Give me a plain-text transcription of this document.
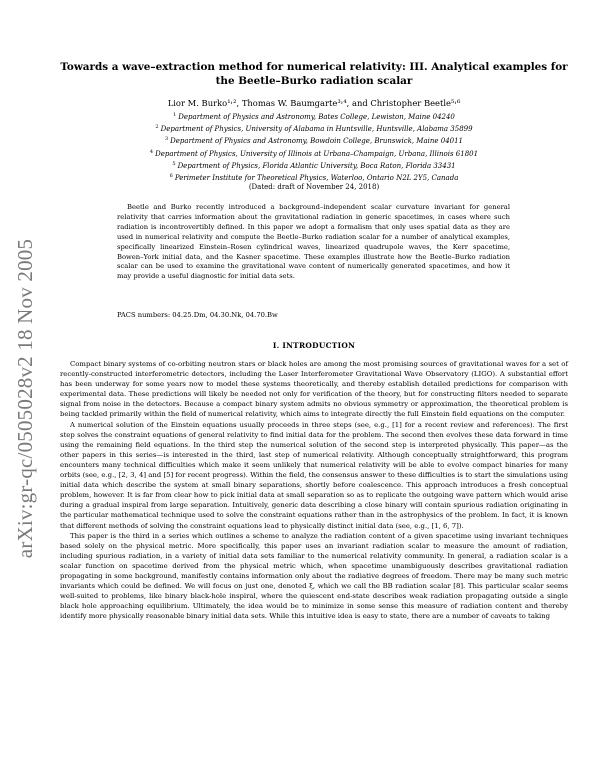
arXiv:gr-qc/0505028v2 18 Nov 2005
Towards a wave–extraction method for numerical relativity: III. Analytical examples for the Beetle–Burko radiation scalar
Lior M. Burko¹˒², Thomas W. Baumgarte³˒⁴, and Christopher Beetle⁵˒⁶
$^1$ Department of Physics and Astronomy, Bates College, Lewiston, Maine 04240
$^2$ Department of Physics, University of Alabama in Huntsville, Huntsville, Alabama 35899
$^3$ Department of Physics and Astronomy, Bowdoin College, Brunswick, Maine 04011
$^4$ Department of Physics, University of Illinois at Urbana–Champaign, Urbana, Illinois 61801
$^5$ Department of Physics, Florida Atlantic University, Boca Raton, Florida 33431
$^6$ Perimeter Institute for Theoretical Physics, Waterloo, Ontario N2L 2Y5, Canada
(Dated: draft of November 24, 2018)
Beetle and Burko recently introduced a background–independent scalar curvature invariant for general relativity that carries information about the gravitational radiation in generic spacetimes, in cases where such radiation is incontrovertibly defined. In this paper we adopt a formalism that only uses spatial data as they are used in numerical relativity and compute the Beetle–Burko radiation scalar for a number of analytical examples, specifically linearized Einstein–Rosen cylindrical waves, linearized quadrupole waves, the Kerr spacetime, Bowen–York initial data, and the Kasner spacetime. These examples illustrate how the Beetle–Burko radiation scalar can be used to examine the gravitational wave content of numerically generated spacetimes, and how it may provide a useful diagnostic for initial data sets.
PACS numbers: 04.25.Dm, 04.30.Nk, 04.70.Bw
I. INTRODUCTION

Compact binary systems of co-orbiting neutron stars or black holes are among the most promising sources of gravitational waves for a set of recently-constructed interferometric detectors, including the Laser Interferometer Gravitational Wave Observatory (LIGO). A substantial effort has been underway for some years now to model these systems theoretically, and thereby establish detailed predictions for comparison with experimental data. These predictions will likely be needed not only for verification of the theory, but for constructing filters needed to separate signal from noise in the detectors. Because a compact binary system admits no obvious symmetry or approximation, the theoretical problem is being tackled primarily within the field of numerical relativity, which aims to integrate directly the full Einstein field equations on the computer.

A numerical solution of the Einstein equations usually proceeds in three steps (see, e.g., [1] for a recent review and references). The first step solves the constraint equations of general relativity to find initial data for the problem. The second then evolves these data forward in time using the remaining field equations. In the third step the numerical solution of the second step is interpreted physically. This paper—as the other papers in this series—is interested in the third, last step of numerical relativity. Although conceptually straightforward, this program encounters many technical difficulties which make it seem unlikely that numerical relativity will be able to evolve compact binaries for many orbits (see, e.g., [2, 3, 4] and [5] for recent progress). Within the field, the consensus answer to these difficulties is to start the simulations using initial data which describe the system at small binary separations, shortly before coalescence. This approach introduces a fresh conceptual problem, however. It is far from clear how to pick initial data at small separation so as to replicate the outgoing wave pattern which would arise during a gradual inspiral from large separation. Intuitively, generic data describing a close binary will contain spurious radiation originating in the particular mathematical technique used to solve the constraint equations rather than in the astrophysics of the problem. In fact, it is known that different methods of solving the constraint equations lead to physically distinct initial data (see, e.g., [1, 6, 7]).

This paper is the third in a series which outlines a scheme to analyze the radiation content of a given spacetime using invariant techniques based solely on the physical metric. More specifically, this paper uses an invariant radiation scalar to measure the amount of radiation, including spurious radiation, in a variety of initial data sets familiar to the numerical relativity community. In general, a radiation scalar is a scalar function on spacetime derived from the physical metric which, when spacetime unambiguously describes gravitational radiation propagating in some background, manifestly contains information only about the radiative degrees of freedom. There may be many such metric invariants which could be defined. We will focus on just one, denoted ξ, which we call the BB radiation scalar [8]. This particular scalar seems well-suited to problems, like binary black-hole inspiral, where the quiescent end-state describes weak radiation propagating outside a single black hole approaching equilibrium. Ultimately, the idea would be to minimize in some sense this measure of radiation content and thereby identify more physically reasonable binary initial data sets. While this intuitive idea is easy to state, there are a number of caveats to taking
